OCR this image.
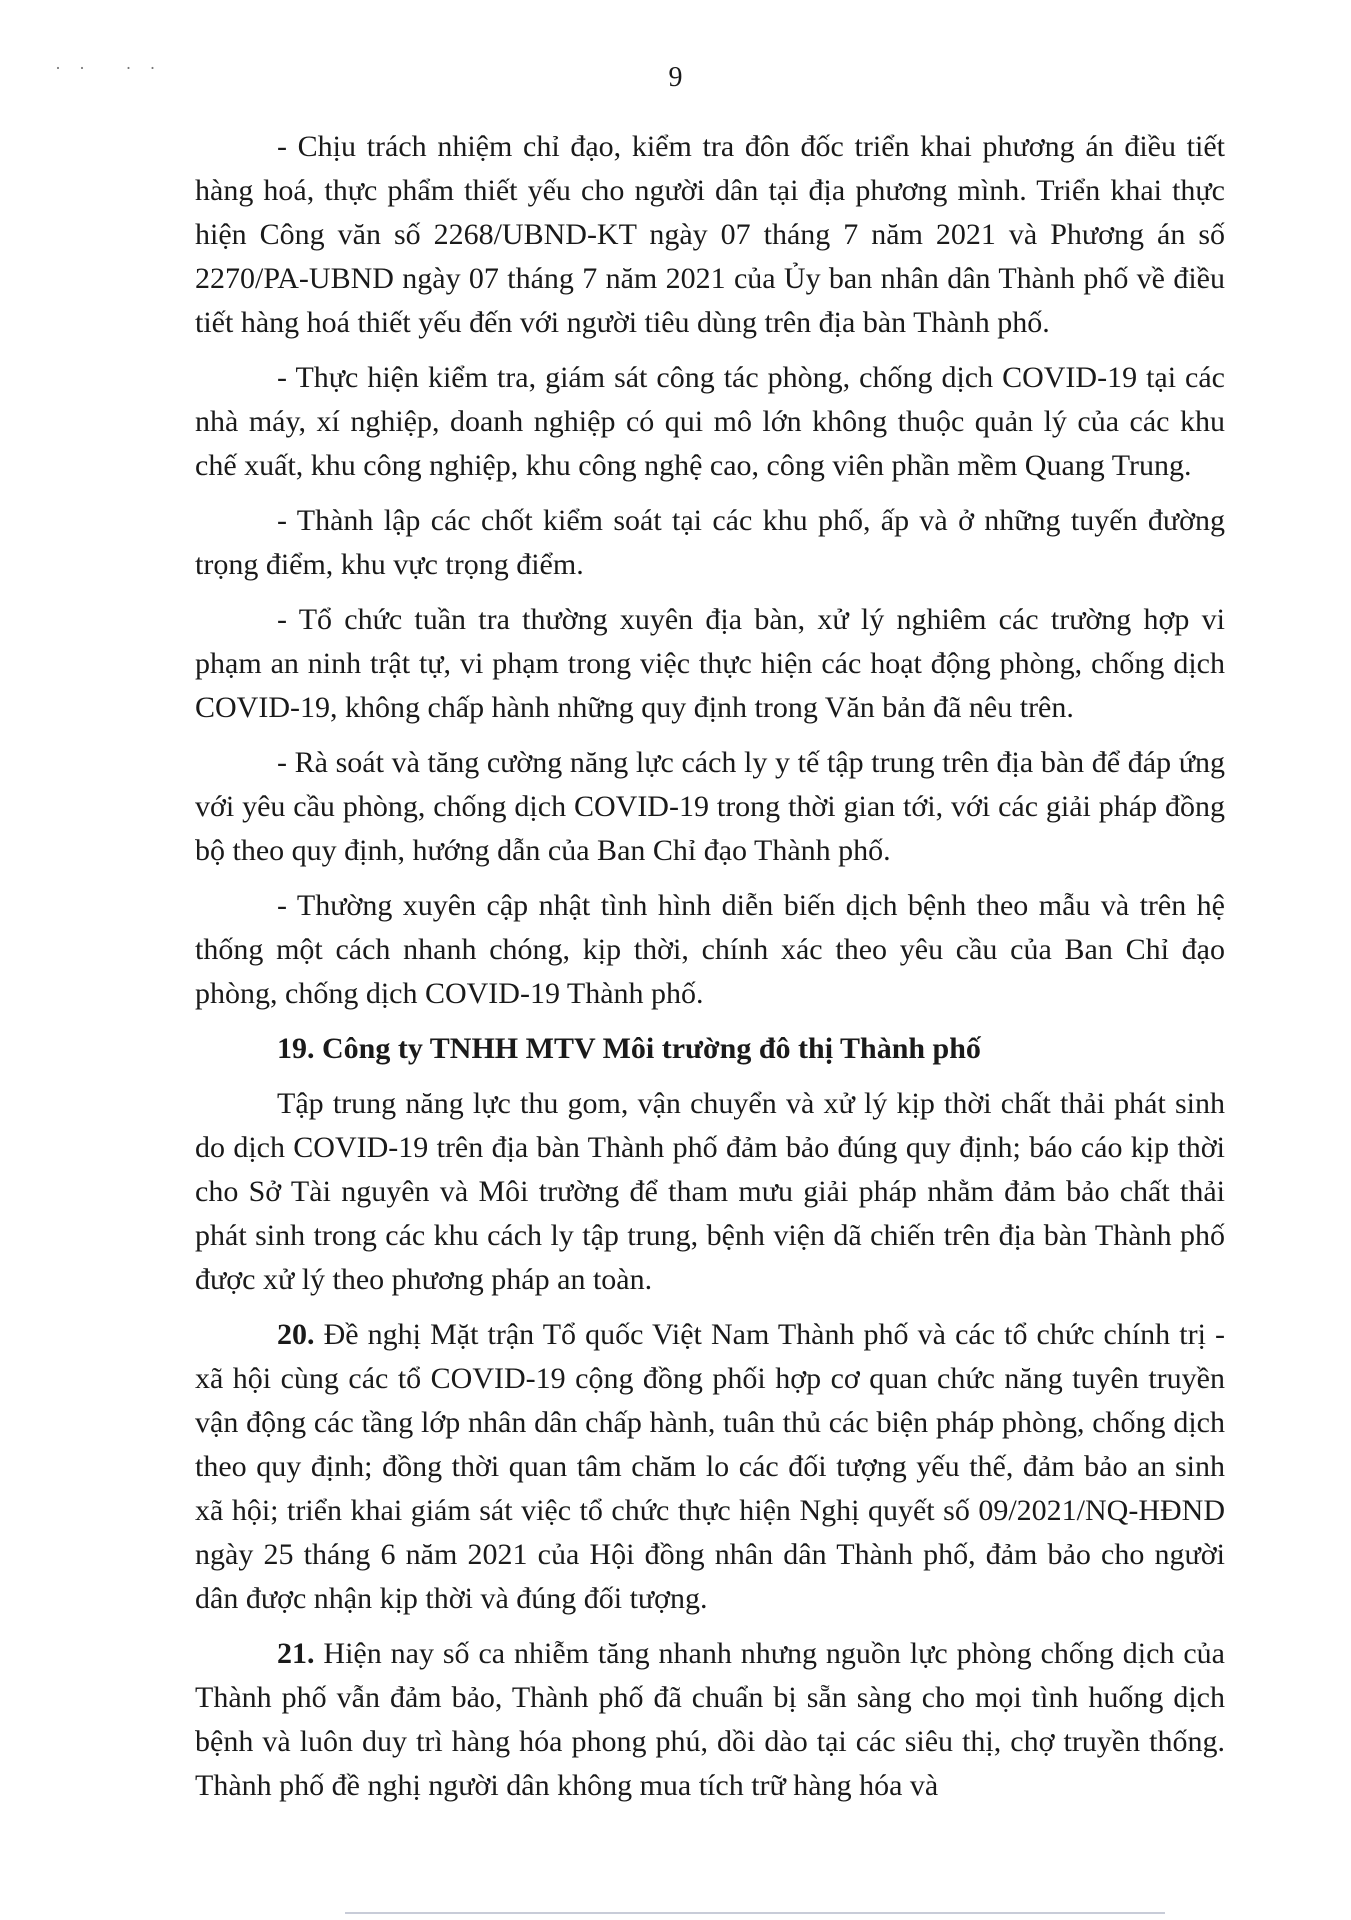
·· ··	9

- Chịu trách nhiệm chỉ đạo, kiểm tra đôn đốc triển khai phương án điều tiết hàng hoá, thực phẩm thiết yếu cho người dân tại địa phương mình. Triển khai thực hiện Công văn số 2268/UBND-KT ngày 07 tháng 7 năm 2021 và Phương án số 2270/PA-UBND ngày 07 tháng 7 năm 2021 của Ủy ban nhân dân Thành phố về điều tiết hàng hoá thiết yếu đến với người tiêu dùng trên địa bàn Thành phố.

- Thực hiện kiểm tra, giám sát công tác phòng, chống dịch COVID-19 tại các nhà máy, xí nghiệp, doanh nghiệp có qui mô lớn không thuộc quản lý của các khu chế xuất, khu công nghiệp, khu công nghệ cao, công viên phần mềm Quang Trung.

- Thành lập các chốt kiểm soát tại các khu phố, ấp và ở những tuyến đường trọng điểm, khu vực trọng điểm.

- Tổ chức tuần tra thường xuyên địa bàn, xử lý nghiêm các trường hợp vi phạm an ninh trật tự, vi phạm trong việc thực hiện các hoạt động phòng, chống dịch COVID-19, không chấp hành những quy định trong Văn bản đã nêu trên.

- Rà soát và tăng cường năng lực cách ly y tế tập trung trên địa bàn để đáp ứng với yêu cầu phòng, chống dịch COVID-19 trong thời gian tới, với các giải pháp đồng bộ theo quy định, hướng dẫn của Ban Chỉ đạo Thành phố.

- Thường xuyên cập nhật tình hình diễn biến dịch bệnh theo mẫu và trên hệ thống một cách nhanh chóng, kịp thời, chính xác theo yêu cầu của Ban Chỉ đạo phòng, chống dịch COVID-19 Thành phố.

19. Công ty TNHH MTV Môi trường đô thị Thành phố

Tập trung năng lực thu gom, vận chuyển và xử lý kịp thời chất thải phát sinh do dịch COVID-19 trên địa bàn Thành phố đảm bảo đúng quy định; báo cáo kịp thời cho Sở Tài nguyên và Môi trường để tham mưu giải pháp nhằm đảm bảo chất thải phát sinh trong các khu cách ly tập trung, bệnh viện dã chiến trên địa bàn Thành phố được xử lý theo phương pháp an toàn.

20. Đề nghị Mặt trận Tổ quốc Việt Nam Thành phố và các tổ chức chính trị - xã hội cùng các tổ COVID-19 cộng đồng phối hợp cơ quan chức năng tuyên truyền vận động các tầng lớp nhân dân chấp hành, tuân thủ các biện pháp phòng, chống dịch theo quy định; đồng thời quan tâm chăm lo các đối tượng yếu thế, đảm bảo an sinh xã hội; triển khai giám sát việc tổ chức thực hiện Nghị quyết số 09/2021/NQ-HĐND ngày 25 tháng 6 năm 2021 của Hội đồng nhân dân Thành phố, đảm bảo cho người dân được nhận kịp thời và đúng đối tượng.

21. Hiện nay số ca nhiễm tăng nhanh nhưng nguồn lực phòng chống dịch của Thành phố vẫn đảm bảo, Thành phố đã chuẩn bị sẵn sàng cho mọi tình huống dịch bệnh và luôn duy trì hàng hóa phong phú, dồi dào tại các siêu thị, chợ truyền thống. Thành phố đề nghị người dân không mua tích trữ hàng hóa và
